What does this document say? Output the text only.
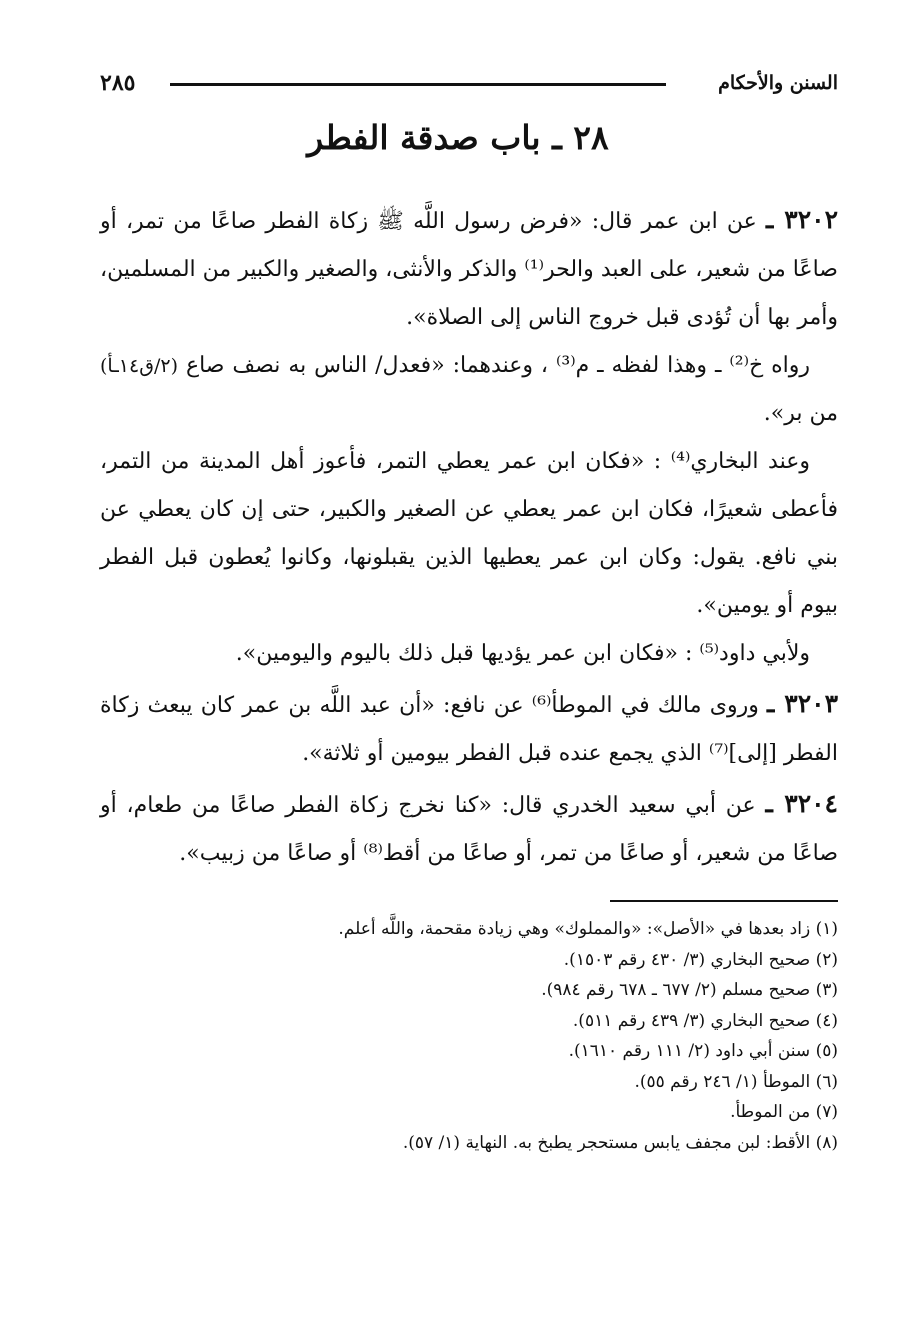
السنن والأحكام
٢٨٥
٢٨ ـ باب صدقة الفطر

٣٢٠٢ ـ عن ابن عمر قال: «فرض رسول اللَّه ﷺ زكاة الفطر صاعًا من تمر، أو صاعًا من شعير، على العبد والحر⁽¹⁾ والذكر والأنثى، والصغير والكبير من المسلمين، وأمر بها أن تُؤدى قبل خروج الناس إلى الصلاة».

رواه خ⁽²⁾ ـ وهذا لفظه ـ م⁽³⁾ ، وعندهما: «فعدل/ الناس به نصف صاع (٢/ق١٤ـأ) من بر».

وعند البخاري⁽⁴⁾ : «فكان ابن عمر يعطي التمر، فأعوز أهل المدينة من التمر، فأعطى شعيرًا، فكان ابن عمر يعطي عن الصغير والكبير، حتى إن كان يعطي عن بني نافع. يقول: وكان ابن عمر يعطيها الذين يقبلونها، وكانوا يُعطون قبل الفطر بيوم أو يومين».

ولأبي داود⁽⁵⁾ : «فكان ابن عمر يؤديها قبل ذلك باليوم واليومين».

٣٢٠٣ ـ وروى مالك في الموطأ⁽⁶⁾ عن نافع: «أن عبد اللَّه بن عمر كان يبعث زكاة الفطر [إلى]⁽⁷⁾ الذي يجمع عنده قبل الفطر بيومين أو ثلاثة».

٣٢٠٤ ـ عن أبي سعيد الخدري قال: «كنا نخرج زكاة الفطر صاعًا من طعام، أو صاعًا من شعير، أو صاعًا من تمر، أو صاعًا من أقط⁽⁸⁾ أو صاعًا من زبيب».

(١) زاد بعدها في «الأصل»: «والمملوك» وهي زيادة مقحمة، واللَّه أعلم.
(٢) صحيح البخاري (٣/ ٤٣٠ رقم ١٥٠٣).
(٣) صحيح مسلم (٢/ ٦٧٧ ـ ٦٧٨ رقم ٩٨٤).
(٤) صحيح البخاري (٣/ ٤٣٩ رقم ٥١١).
(٥) سنن أبي داود (٢/ ١١١ رقم ١٦١٠).
(٦) الموطأ (١/ ٢٤٦ رقم ٥٥).
(٧) من الموطأ.
(٨) الأقط: لبن مجفف يابس مستحجر يطبخ به. النهاية (١/ ٥٧).
